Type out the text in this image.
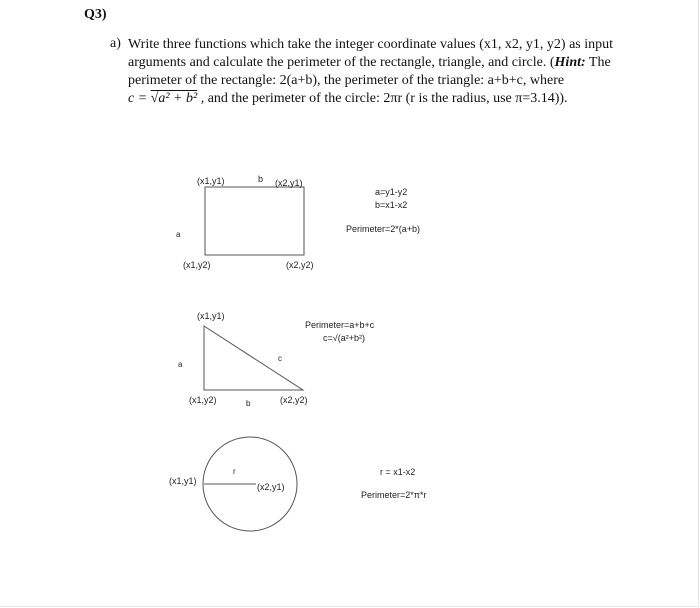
Q3)
a) Write three functions which take the integer coordinate values (x1, x2, y1, y2) as input
arguments and calculate the perimeter of the rectangle, triangle, and circle. (Hint: The
perimeter of the rectangle: 2(a+b), the perimeter of the triangle: a+b+c, where
c = √a² + b² , and the perimeter of the circle: 2πr (r is the radius, use π=3.14)).
(x1,y1)	b (x2,y1)
a
(x1,y2)	(x2,y2)
a=y1-y2
b=x1-x2
Perimeter=2*(a+b)
(x1,y1)
a
c
(x1,y2)	b	(x2,y2)
Perimeter=a+b+c
c=√(a²+b²)
(x1,y1)
r
(x2,y1)
r = x1-x2
Perimeter=2*π*r
